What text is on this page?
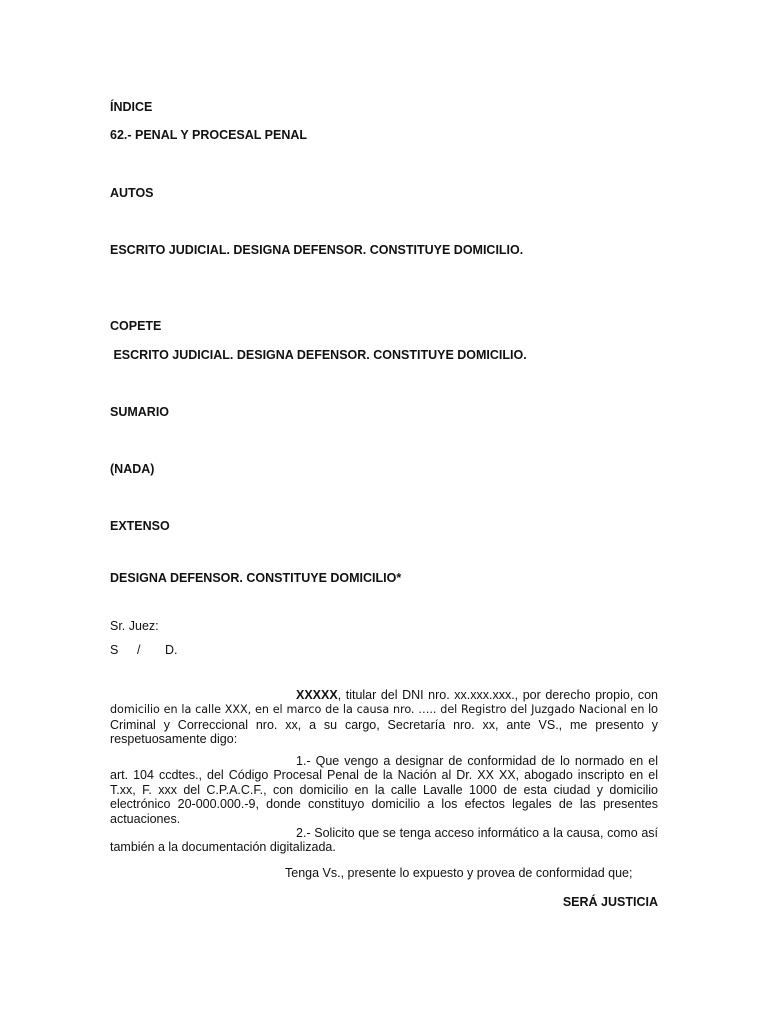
ÍNDICE
62.- PENAL Y PROCESAL PENAL
AUTOS
ESCRITO JUDICIAL. DESIGNA DEFENSOR. CONSTITUYE DOMICILIO.
COPETE
ESCRITO JUDICIAL. DESIGNA DEFENSOR. CONSTITUYE DOMICILIO.
SUMARIO
(NADA)
EXTENSO
DESIGNA DEFENSOR. CONSTITUYE DOMICILIO*
Sr. Juez:
S / D.
XXXXX, titular del DNI nro. xx.xxx.xxx., por derecho propio, con domicilio en la calle XXX, en el marco de la causa nro. ….. del Registro del Juzgado Nacional en lo Criminal y Correccional nro. xx, a su cargo, Secretaría nro. xx, ante VS., me presento y respetuosamente digo:
1.- Que vengo a designar de conformidad de lo normado en el art. 104 ccdtes., del Código Procesal Penal de la Nación al Dr. XX XX, abogado inscripto en el T.xx, F. xxx del C.P.A.C.F., con domicilio en la calle Lavalle 1000 de esta ciudad y domicilio electrónico 20-000.000.-9, donde constituyo domicilio a los efectos legales de las presentes actuaciones.
2.- Solicito que se tenga acceso informático a la causa, como así también a la documentación digitalizada.
Tenga Vs., presente lo expuesto y provea de conformidad que;
SERÁ JUSTICIA
